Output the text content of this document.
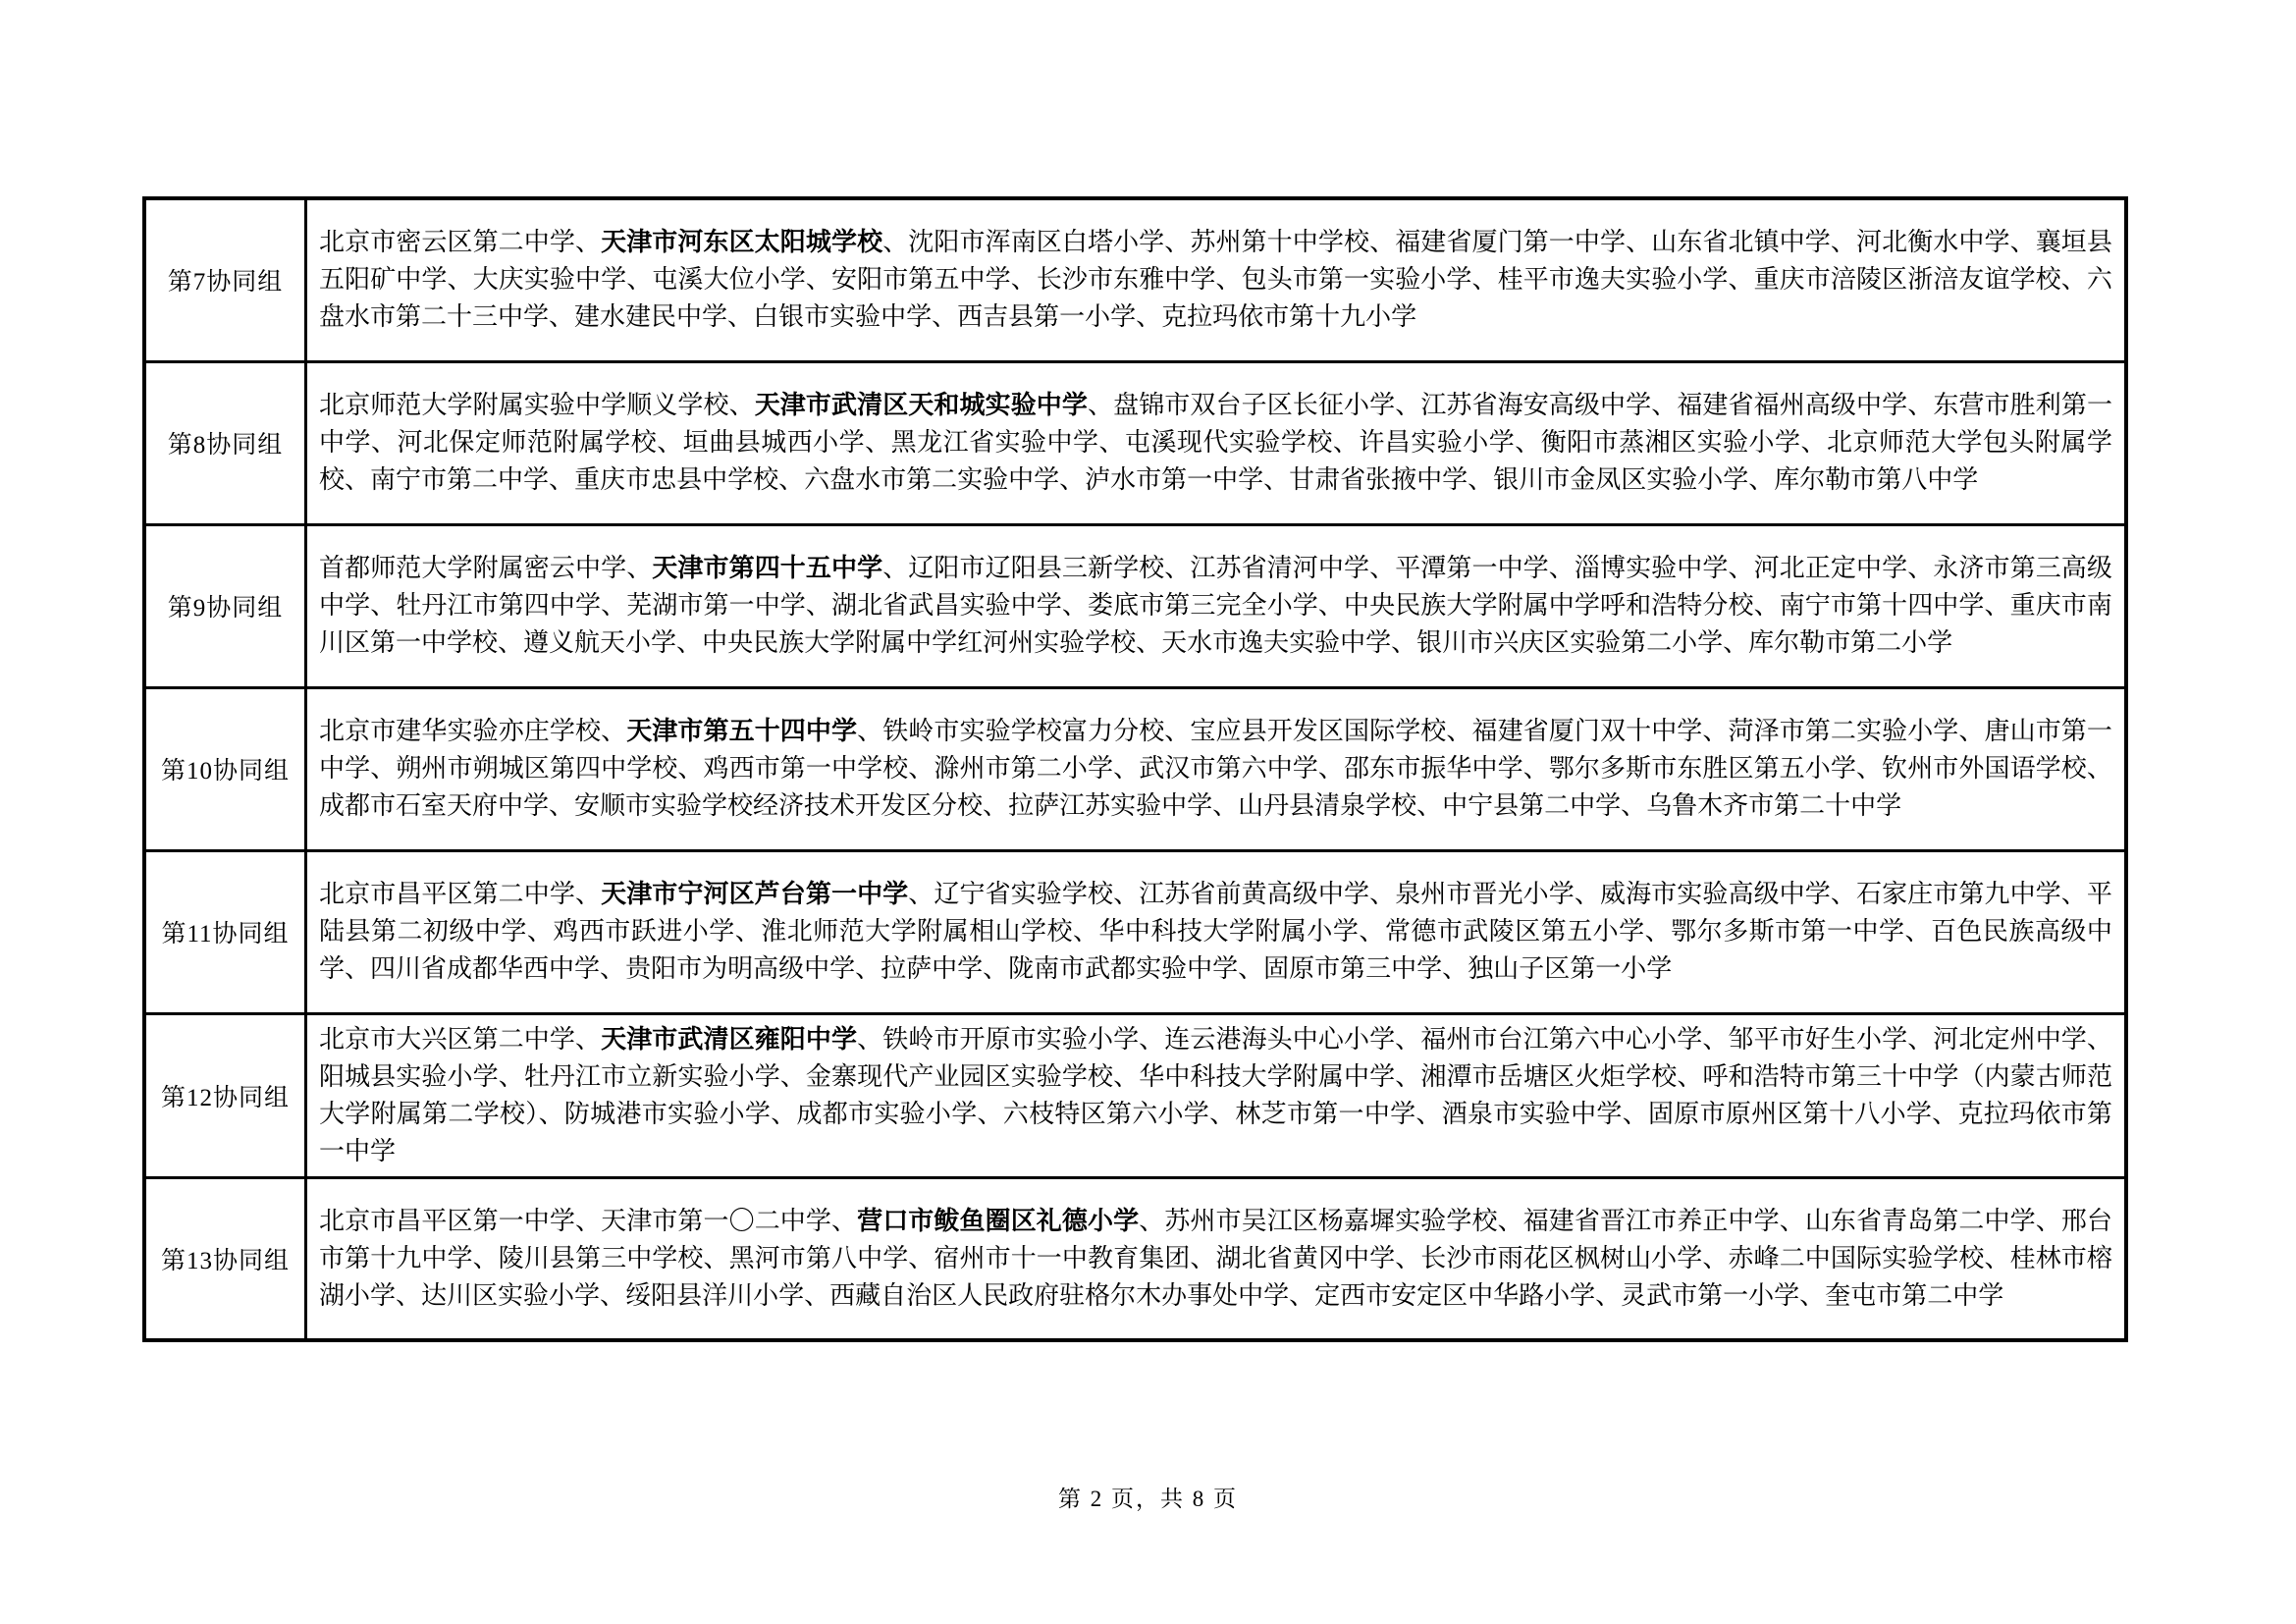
第7协同组	北京市密云区第二中学、天津市河东区太阳城学校、沈阳市浑南区白塔小学、苏州第十中学校、福建省厦门第一中学、山东省北镇中学、河北衡水中学、襄垣县五阳矿中学、大庆实验中学、屯溪大位小学、安阳市第五中学、长沙市东雅中学、包头市第一实验小学、桂平市逸夫实验小学、重庆市涪陵区浙涪友谊学校、六盘水市第二十三中学、建水建民中学、白银市实验中学、西吉县第一小学、克拉玛依市第十九小学
第8协同组	北京师范大学附属实验中学顺义学校、天津市武清区天和城实验中学、盘锦市双台子区长征小学、江苏省海安高级中学、福建省福州高级中学、东营市胜利第一中学、河北保定师范附属学校、垣曲县城西小学、黑龙江省实验中学、屯溪现代实验学校、许昌实验小学、衡阳市蒸湘区实验小学、北京师范大学包头附属学校、南宁市第二中学、重庆市忠县中学校、六盘水市第二实验中学、泸水市第一中学、甘肃省张掖中学、银川市金凤区实验小学、库尔勒市第八中学
第9协同组	首都师范大学附属密云中学、天津市第四十五中学、辽阳市辽阳县三新学校、江苏省清河中学、平潭第一中学、淄博实验中学、河北正定中学、永济市第三高级中学、牡丹江市第四中学、芜湖市第一中学、湖北省武昌实验中学、娄底市第三完全小学、中央民族大学附属中学呼和浩特分校、南宁市第十四中学、重庆市南川区第一中学校、遵义航天小学、中央民族大学附属中学红河州实验学校、天水市逸夫实验中学、银川市兴庆区实验第二小学、库尔勒市第二小学
第10协同组	北京市建华实验亦庄学校、天津市第五十四中学、铁岭市实验学校富力分校、宝应县开发区国际学校、福建省厦门双十中学、菏泽市第二实验小学、唐山市第一中学、朔州市朔城区第四中学校、鸡西市第一中学校、滁州市第二小学、武汉市第六中学、邵东市振华中学、鄂尔多斯市东胜区第五小学、钦州市外国语学校、成都市石室天府中学、安顺市实验学校经济技术开发区分校、拉萨江苏实验中学、山丹县清泉学校、中宁县第二中学、乌鲁木齐市第二十中学
第11协同组	北京市昌平区第二中学、天津市宁河区芦台第一中学、辽宁省实验学校、江苏省前黄高级中学、泉州市晋光小学、威海市实验高级中学、石家庄市第九中学、平陆县第二初级中学、鸡西市跃进小学、淮北师范大学附属相山学校、华中科技大学附属小学、常德市武陵区第五小学、鄂尔多斯市第一中学、百色民族高级中学、四川省成都华西中学、贵阳市为明高级中学、拉萨中学、陇南市武都实验中学、固原市第三中学、独山子区第一小学
第12协同组	北京市大兴区第二中学、天津市武清区雍阳中学、铁岭市开原市实验小学、连云港海头中心小学、福州市台江第六中心小学、邹平市好生小学、河北定州中学、阳城县实验小学、牡丹江市立新实验小学、金寨现代产业园区实验学校、华中科技大学附属中学、湘潭市岳塘区火炬学校、呼和浩特市第三十中学（内蒙古师范大学附属第二学校）、防城港市实验小学、成都市实验小学、六枝特区第六小学、林芝市第一中学、酒泉市实验中学、固原市原州区第十八小学、克拉玛依市第一中学
第13协同组	北京市昌平区第一中学、天津市第一〇二中学、营口市鲅鱼圈区礼德小学、苏州市吴江区杨嘉墀实验学校、福建省晋江市养正中学、山东省青岛第二中学、邢台市第十九中学、陵川县第三中学校、黑河市第八中学、宿州市十一中教育集团、湖北省黄冈中学、长沙市雨花区枫树山小学、赤峰二中国际实验学校、桂林市榕湖小学、达川区实验小学、绥阳县洋川小学、西藏自治区人民政府驻格尔木办事处中学、定西市安定区中华路小学、灵武市第一小学、奎屯市第二中学
第 2 页，共 8 页
